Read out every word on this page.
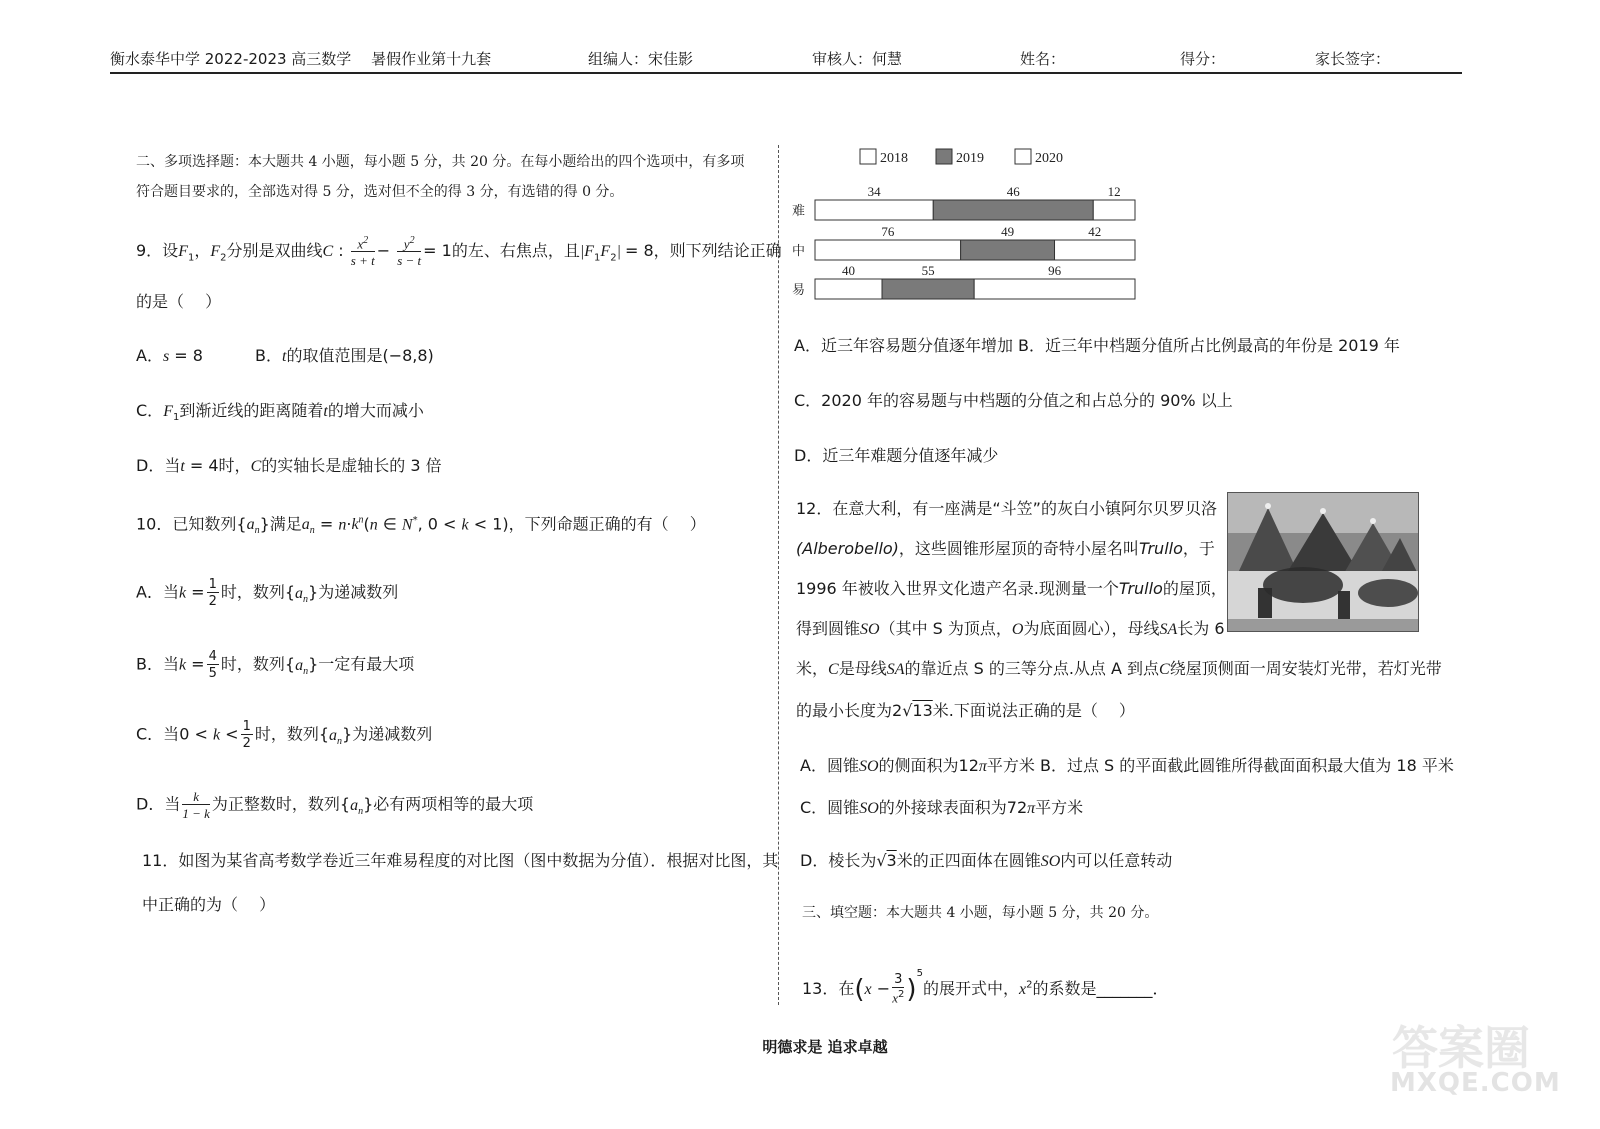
衡水泰华中学 2022-2023 高三数学　 暑假作业第十九套	组编人：宋佳影	审核人：何慧	姓名：	得分：	家长签字：
二、多项选择题：本大题共 4 小题，每小题 5 分，共 20 分。在每小题给出的四个选项中，有多项
符合题目要求的，全部选对得 5 分，选对但不全的得 3 分，有选错的得 0 分。
9．设$F_1$，$F_2$分别是双曲线C : $\frac{x^2}{s + t} - \frac{y^2}{s - t} = 1$的左、右焦点，且$|F_1F_2| = 8$，则下列结论正确
的是（　 ）
A．s = 8	B．t的取值范围是(−8,8)
C．$F_1$到渐近线的距离随着t的增大而减小
D．当t = 4时，C的实轴长是虚轴长的 3 倍
10．已知数列$\{a_n\}$满足$a_n = n\cdot k^n(n$ ∈ N*, 0 < k < 1)，下列命题正确的有（　 ）
A．当$k = \frac{1}{2}$ 时，数列$\{a_n\}$为递减数列
B．当$k = \frac{4}{5}$ 时，数列$\{a_n\}$一定有最大项
C．当$0 < k < \frac{1}{2}$ 时，数列$\{a_n\}$为递减数列
D．当 $\frac{k}{1 - k}$ 为正整数时，数列$\{a_n\}$必有两项相等的最大项
11．如图为某省高考数学卷近三年难易程度的对比图（图中数据为分值）．根据对比图，其
中正确的为（　 ）
2018	2019	2020
难
34	46	12
中
76	49	42
易
40	55	96
A．近三年容易题分值逐年增加 B．近三年中档题分值所占比例最高的年份是 2019 年
C．2020 年的容易题与中档题的分值之和占总分的 90% 以上
D．近三年难题分值逐年减少
12．在意大利，有一座满是“斗笠”的灰白小镇阿尔贝罗贝洛
(Alberobello)，这些圆锥形屋顶的奇特小屋名叫Trullo，于
1996 年被收入世界文化遗产名录.现测量一个Trullo的屋顶，
得到圆锥SO（其中 S 为顶点，O为底面圆心），母线SA长为 6
米，C是母线SA的靠近点 S 的三等分点.从点 A 到点C绕屋顶侧面一周安装灯光带，若灯光带
的最小长度为2√13米.下面说法正确的是（　 ）
A．圆锥SO的侧面积为12π平方米 B．过点 S 的平面截此圆锥所得截面面积最大值为 18 平米
C．圆锥SO的外接球表面积为72π平方米
D．棱长为√3米的正四面体在圆锥SO内可以任意转动
三、填空题：本大题共 4 小题，每小题 5 分，共 20 分。
13．在$(x - \frac{3}{x^2} )^5$的展开式中，$x^2$的系数是_______．
明德求是 追求卓越	答案圈
MXQE.COM
